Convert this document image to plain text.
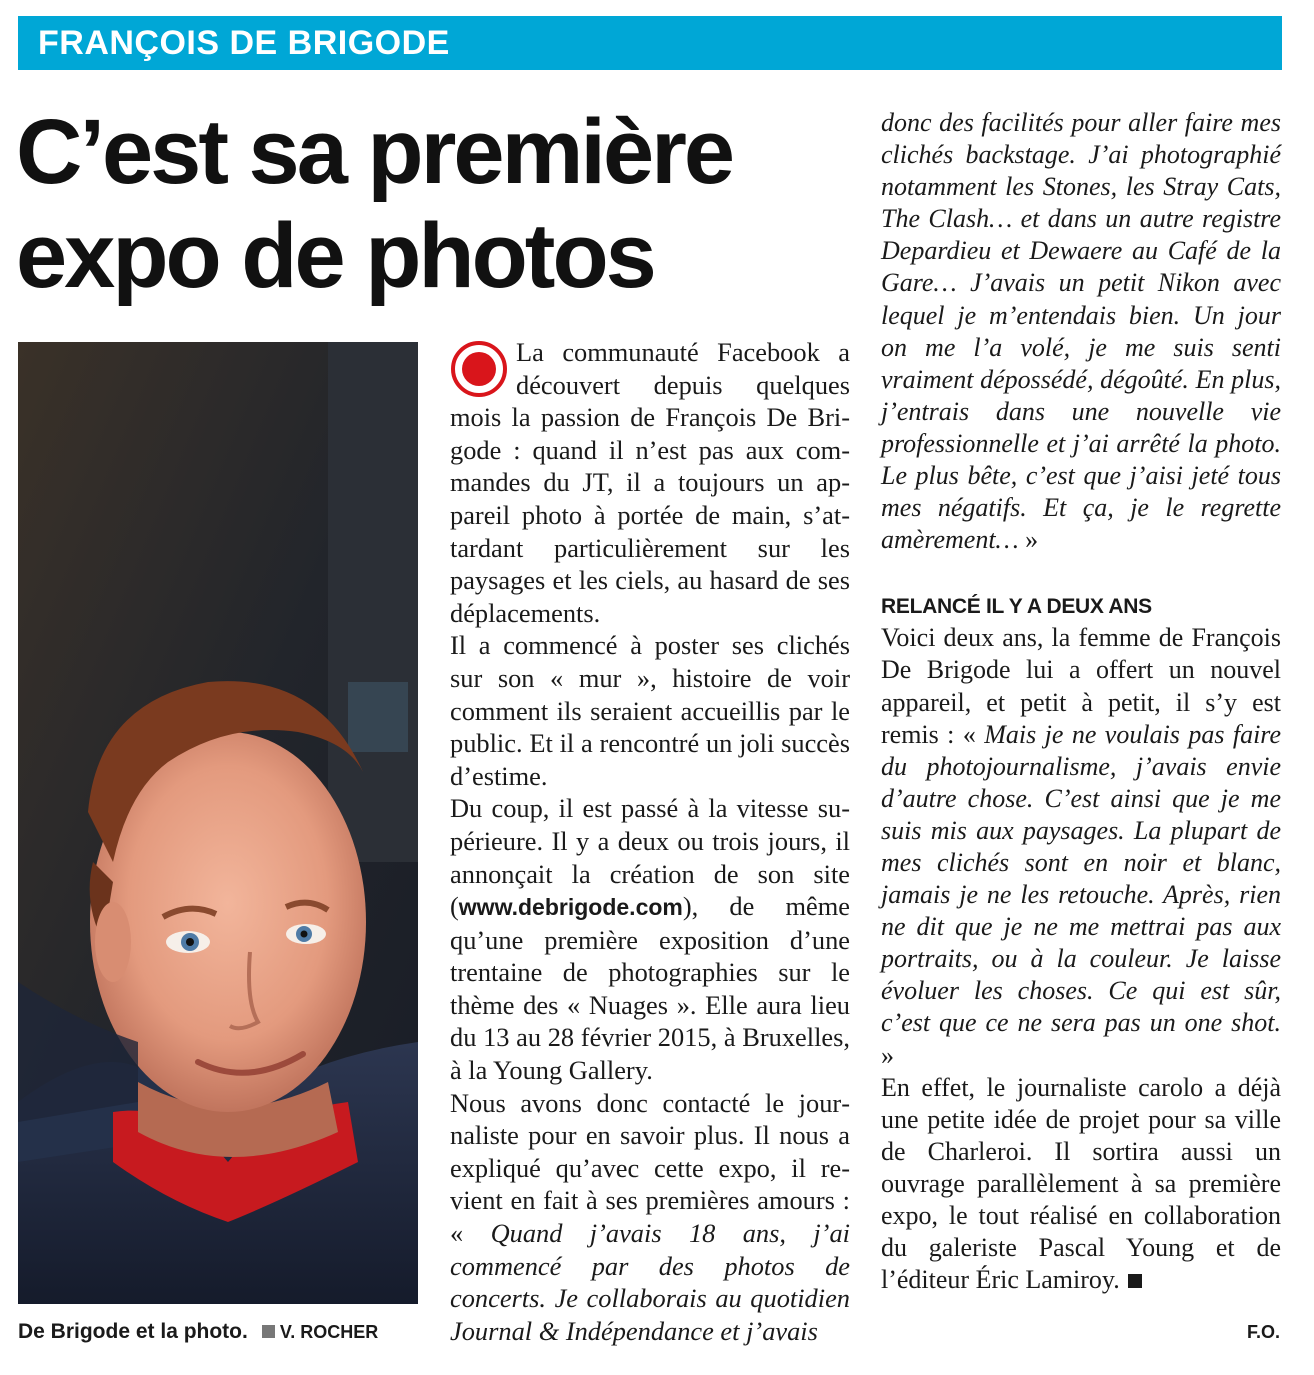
FRANÇOIS DE BRIGODE
C’est sa première
expo de photos
De Brigode et la photo. V. ROCHER

La communauté Facebook a découvert depuis quelques mois la passion de François De Brigode : quand il n’est pas aux commandes du JT, il a toujours un appareil photo à portée de main, s’attardant particulièrement sur les paysages et les ciels, au hasard de ses déplacements.

Il a commencé à poster ses clichés sur son « mur », histoire de voir comment ils seraient accueillis par le public. Et il a rencontré un joli succès d’estime.

Du coup, il est passé à la vitesse supérieure. Il y a deux ou trois jours, il annonçait la création de son site (www.debrigode.com), de même qu’une première exposition d’une trentaine de photographies sur le thème des « Nuages ». Elle aura lieu du 13 au 28 février 2015, à Bruxelles, à la Young Gallery.

Nous avons donc contacté le journaliste pour en savoir plus. Il nous a expliqué qu’avec cette expo, il revient en fait à ses premières amours : « Quand j’avais 18 ans, j’ai commencé par des photos de concerts. Je collaborais au quotidien Journal & Indépendance et j’avais

donc des facilités pour aller faire mes clichés backstage. J’ai photographié notamment les Stones, les Stray Cats, The Clash… et dans un autre registre Depardieu et Dewaere au Café de la Gare… J’avais un petit Nikon avec lequel je m’entendais bien. Un jour on me l’a volé, je me suis senti vraiment dépossédé, dégoûté. En plus, j’entrais dans une nouvelle vie professionnelle et j’ai arrêté la photo. Le plus bête, c’est que j’aisi jeté tous mes négatifs. Et ça, je le regrette amèrement… »

RELANCÉ IL Y A DEUX ANS

Voici deux ans, la femme de François De Brigode lui a offert un nouvel appareil, et petit à petit, il s’y est remis : « Mais je ne voulais pas faire du photojournalisme, j’avais envie d’autre chose. C’est ainsi que je me suis mis aux paysages. La plupart de mes clichés sont en noir et blanc, jamais je ne les retouche. Après, rien ne dit que je ne me mettrai pas aux portraits, ou à la couleur. Je laisse évoluer les choses. Ce qui est sûr, c’est que ce ne sera pas un one shot. »

En effet, le journaliste carolo a déjà une petite idée de projet pour sa ville de Charleroi. Il sortira aussi un ouvrage parallèlement à sa première expo, le tout réalisé en collaboration du galeriste Pascal Young et de l’éditeur Éric Lamiroy.

F.O.
